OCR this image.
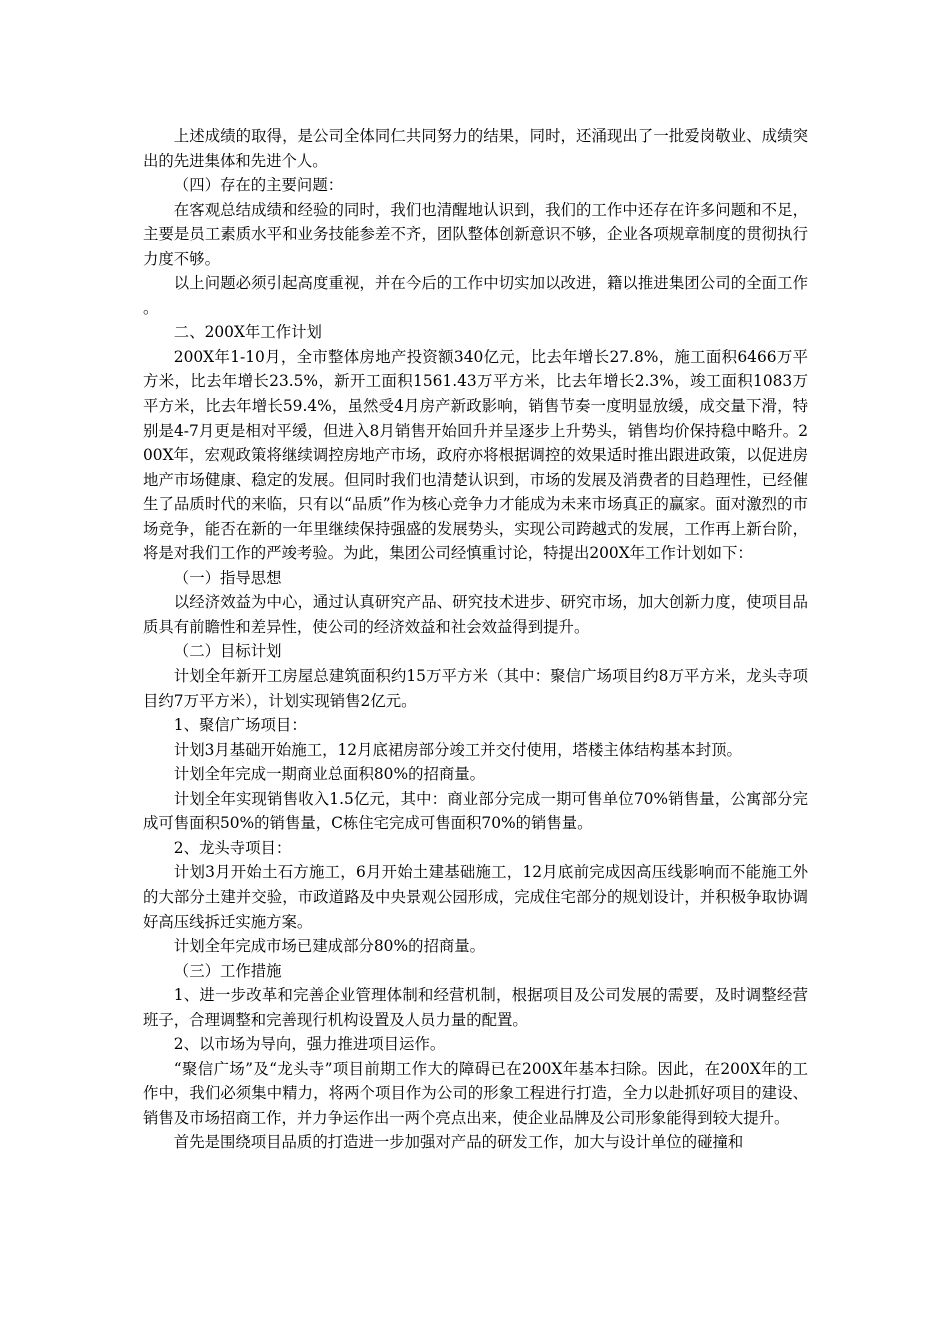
上述成绩的取得，是公司全体同仁共同努力的结果，同时，还涌现出了一批爱岗敬业、成绩突出的先进集体和先进个人。

（四）存在的主要问题：

在客观总结成绩和经验的同时，我们也清醒地认识到，我们的工作中还存在许多问题和不足，主要是员工素质水平和业务技能参差不齐，团队整体创新意识不够，企业各项规章制度的贯彻执行力度不够。

以上问题必须引起高度重视，并在今后的工作中切实加以改进，籍以推进集团公司的全面工作。

二、200X年工作计划

200X年1-10月，全市整体房地产投资额340亿元，比去年增长27.8%，施工面积6466万平方米，比去年增长23.5%，新开工面积1561.43万平方米，比去年增长2.3%，竣工面积1083万平方米，比去年增长59.4%，虽然受4月房产新政影响，销售节奏一度明显放缓，成交量下滑，特别是4-7月更是相对平缓，但进入8月销售开始回升并呈逐步上升势头，销售均价保持稳中略升。200X年，宏观政策将继续调控房地产市场，政府亦将根据调控的效果适时推出跟进政策，以促进房地产市场健康、稳定的发展。但同时我们也清楚认识到，市场的发展及消费者的目趋理性，已经催生了品质时代的来临，只有以“品质”作为核心竞争力才能成为未来市场真正的赢家。面对激烈的市场竞争，能否在新的一年里继续保持强盛的发展势头，实现公司跨越式的发展，工作再上新台阶，将是对我们工作的严竣考验。为此，集团公司经慎重讨论，特提出200X年工作计划如下：

（一）指导思想

以经济效益为中心，通过认真研究产品、研究技术进步、研究市场，加大创新力度，使项目品质具有前瞻性和差异性，使公司的经济效益和社会效益得到提升。

（二）目标计划

计划全年新开工房屋总建筑面积约15万平方米（其中：聚信广场项目约8万平方米，龙头寺项目约7万平方米），计划实现销售2亿元。

1、聚信广场项目：

计划3月基础开始施工，12月底裙房部分竣工并交付使用，塔楼主体结构基本封顶。

计划全年完成一期商业总面积80%的招商量。

计划全年实现销售收入1.5亿元，其中：商业部分完成一期可售单位70%销售量，公寓部分完成可售面积50%的销售量，C栋住宅完成可售面积70%的销售量。

2、龙头寺项目：

计划3月开始土石方施工，6月开始土建基础施工，12月底前完成因高压线影响而不能施工外的大部分土建并交验，市政道路及中央景观公园形成，完成住宅部分的规划设计，并积极争取协调好高压线拆迁实施方案。

计划全年完成市场已建成部分80%的招商量。

（三）工作措施

1、进一步改革和完善企业管理体制和经营机制，根据项目及公司发展的需要，及时调整经营班子，合理调整和完善现行机构设置及人员力量的配置。

2、以市场为导向，强力推进项目运作。

“聚信广场”及“龙头寺”项目前期工作大的障碍已在200X年基本扫除。因此，在200X年的工作中，我们必须集中精力，将两个项目作为公司的形象工程进行打造，全力以赴抓好项目的建设、销售及市场招商工作，并力争运作出一两个亮点出来，使企业品牌及公司形象能得到较大提升。

首先是围绕项目品质的打造进一步加强对产品的研发工作，加大与设计单位的碰撞和
